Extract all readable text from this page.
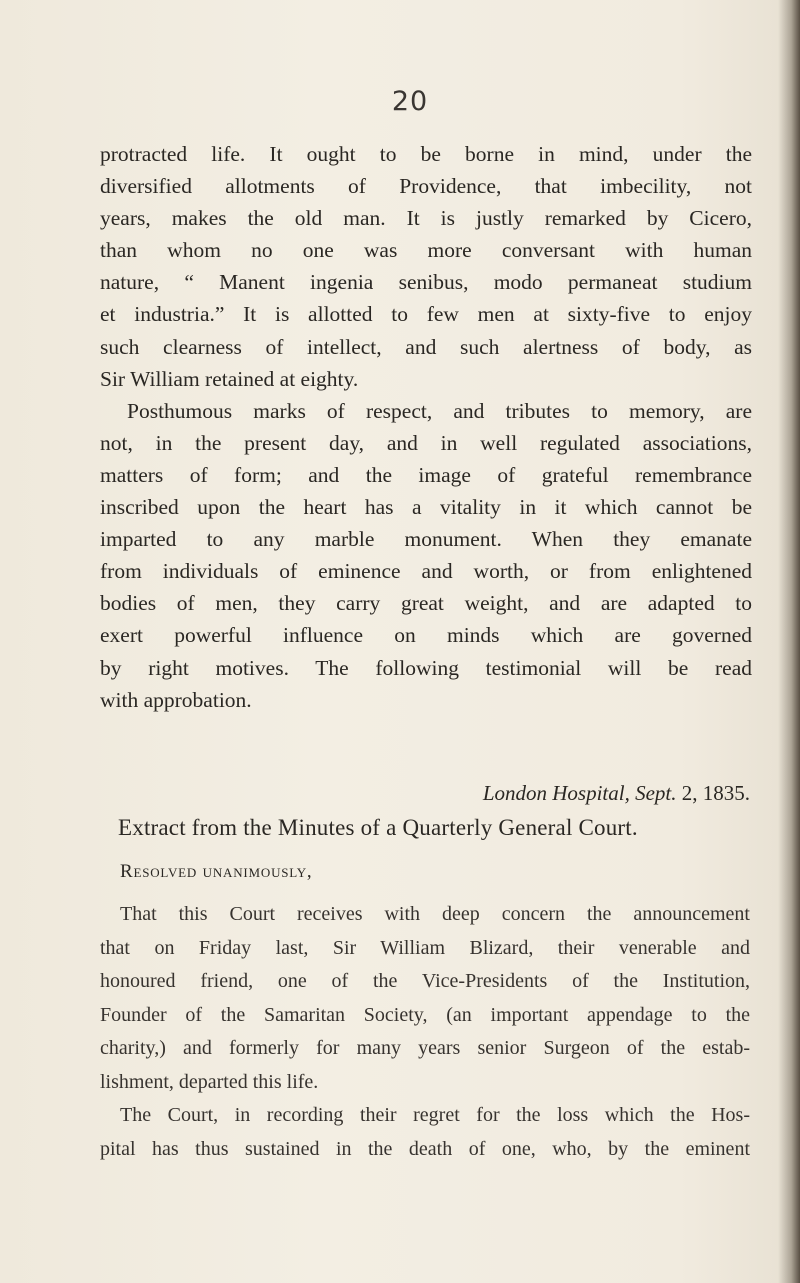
20

protracted life. It ought to be borne in mind, under the
diversified allotments of Providence, that imbecility, not
years, makes the old man. It is justly remarked by Cicero,
than whom no one was more conversant with human
nature, “ Manent ingenia senibus, modo permaneat studium
et industria.” It is allotted to few men at sixty-five to enjoy
such clearness of intellect, and such alertness of body, as
Sir William retained at eighty.

Posthumous marks of respect, and tributes to memory, are
not, in the present day, and in well regulated associations,
matters of form; and the image of grateful remembrance
inscribed upon the heart has a vitality in it which cannot be
imparted to any marble monument. When they emanate
from individuals of eminence and worth, or from enlightened
bodies of men, they carry great weight, and are adapted to
exert powerful influence on minds which are governed
by right motives. The following testimonial will be read
with approbation.

London Hospital, Sept. 2, 1835.
Extract from the Minutes of a Quarterly General Court.
Resolved unanimously,
That this Court receives with deep concern the announcement
that on Friday last, Sir William Blizard, their venerable and
honoured friend, one of the Vice-Presidents of the Institution,
Founder of the Samaritan Society, (an important appendage to the
charity,) and formerly for many years senior Surgeon of the estab-
lishment, departed this life.
The Court, in recording their regret for the loss which the Hos-
pital has thus sustained in the death of one, who, by the eminent
